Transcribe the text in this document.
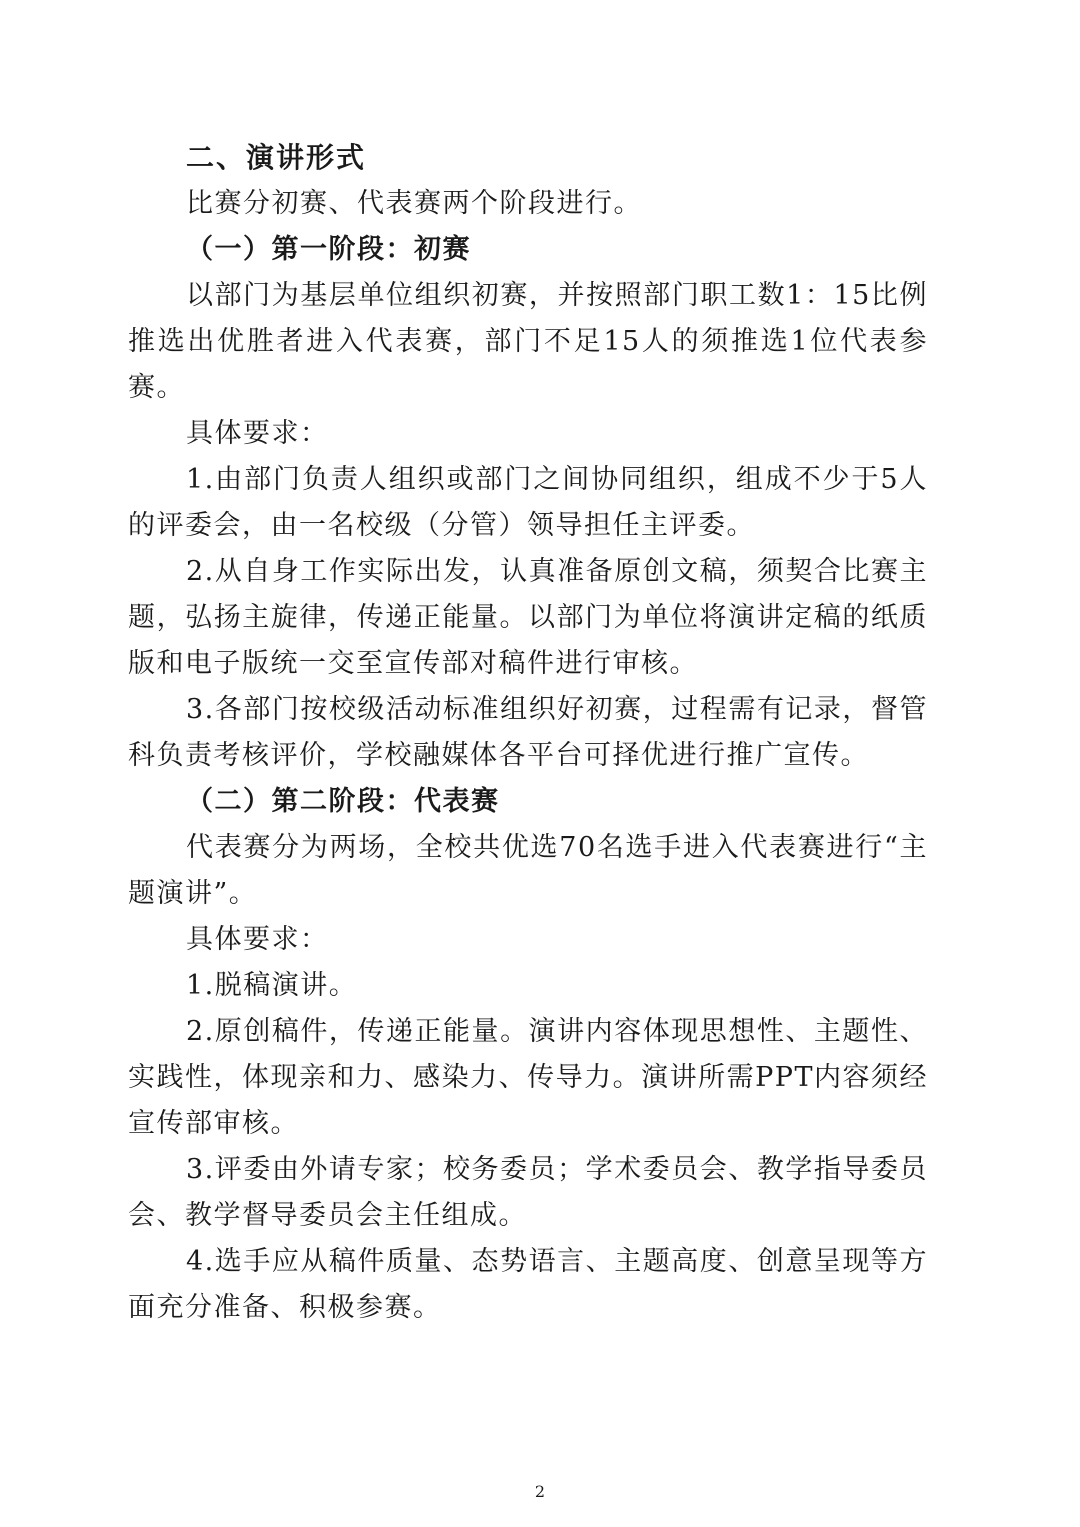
二、演讲形式

比赛分初赛、代表赛两个阶段进行。

（一）第一阶段：初赛

以部门为基层单位组织初赛，并按照部门职工数1：15比例推选出优胜者进入代表赛，部门不足15人的须推选1位代表参赛。

具体要求：

1.由部门负责人组织或部门之间协同组织，组成不少于5人的评委会，由一名校级（分管）领导担任主评委。

2.从自身工作实际出发，认真准备原创文稿，须契合比赛主题，弘扬主旋律，传递正能量。以部门为单位将演讲定稿的纸质版和电子版统一交至宣传部对稿件进行审核。

3.各部门按校级活动标准组织好初赛，过程需有记录，督管科负责考核评价，学校融媒体各平台可择优进行推广宣传。

（二）第二阶段：代表赛

代表赛分为两场，全校共优选70名选手进入代表赛进行“主题演讲”。

具体要求：

1.脱稿演讲。

2.原创稿件，传递正能量。演讲内容体现思想性、主题性、实践性，体现亲和力、感染力、传导力。演讲所需PPT内容须经宣传部审核。

3.评委由外请专家；校务委员；学术委员会、教学指导委员会、教学督导委员会主任组成。

4.选手应从稿件质量、态势语言、主题高度、创意呈现等方面充分准备、积极参赛。

2
